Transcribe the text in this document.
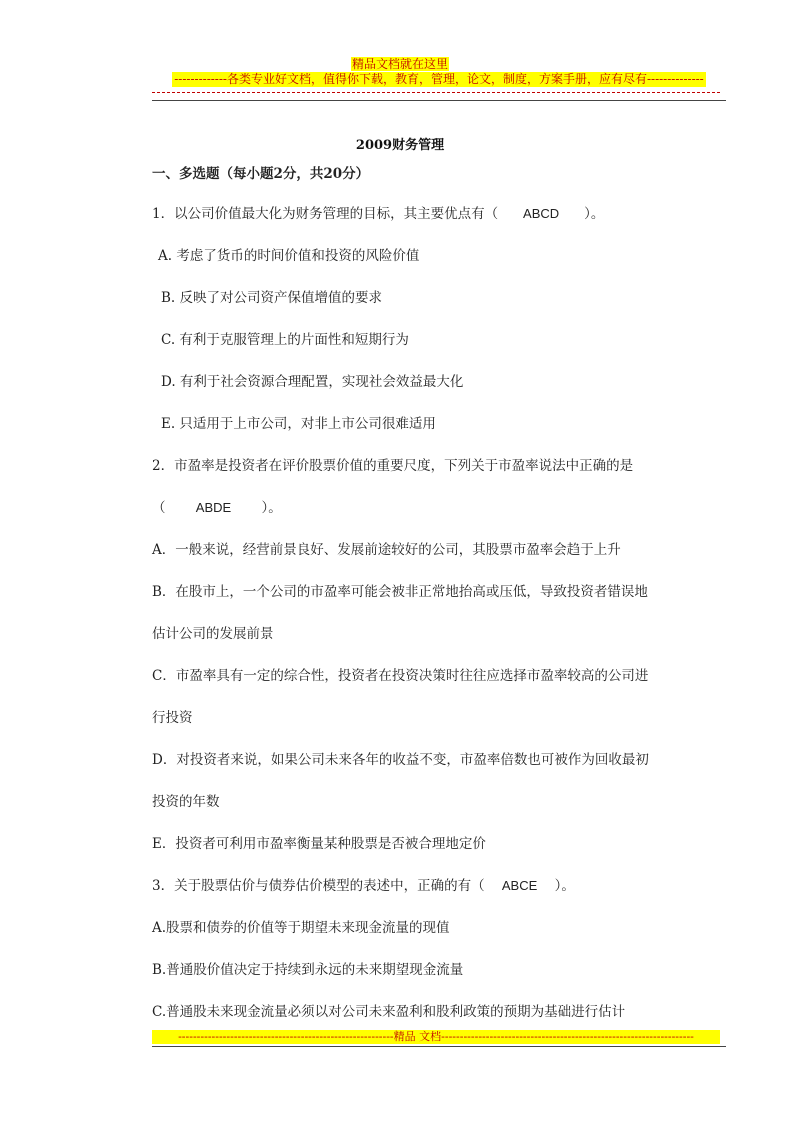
精品文档就在这里
-------------各类专业好文档，值得你下载，教育，管理，论文，制度，方案手册，应有尽有--------------
2009财务管理
一、多选题（每小题2分，共20分）
1．以公司价值最大化为财务管理的目标，其主要优点有（ ABCD ）。
A. 考虑了货币的时间价值和投资的风险价值
B. 反映了对公司资产保值增值的要求
C. 有利于克服管理上的片面性和短期行为
D. 有利于社会资源合理配置，实现社会效益最大化
E. 只适用于上市公司，对非上市公司很难适用
2．市盈率是投资者在评价股票价值的重要尺度，下列关于市盈率说法中正确的是
（ ABDE ）。
A．一般来说，经营前景良好、发展前途较好的公司，其股票市盈率会趋于上升
B．在股市上，一个公司的市盈率可能会被非正常地抬高或压低，导致投资者错误地
估计公司的发展前景
C．市盈率具有一定的综合性，投资者在投资决策时往往应选择市盈率较高的公司进
行投资
D．对投资者来说，如果公司未来各年的收益不变，市盈率倍数也可被作为回收最初
投资的年数
E．投资者可利用市盈率衡量某种股票是否被合理地定价
3．关于股票估价与债券估价模型的表述中，正确的有（ ABCE ）。
A.股票和债券的价值等于期望未来现金流量的现值
B.普通股价值决定于持续到永远的未来期望现金流量
C.普通股未来现金流量必须以对公司未来盈利和股利政策的预期为基础进行估计
----------------------------------------------------------精品 文档--------------------------------------------------------------------
